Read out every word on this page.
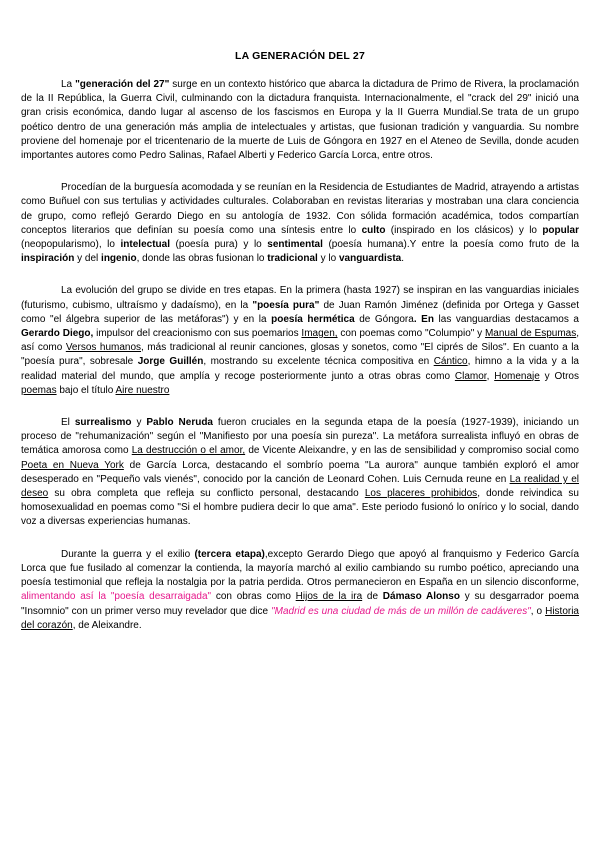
LA GENERACIÓN DEL 27

La "generación del 27" surge en un contexto histórico que abarca la dictadura de Primo de Rivera, la proclamación de la II República, la Guerra Civil, culminando con la dictadura franquista. Internacionalmente, el "crack del 29" inició una gran crisis económica, dando lugar al ascenso de los fascismos en Europa y la II Guerra Mundial.Se trata de un grupo poético dentro de una generación más amplia de intelectuales y artistas, que fusionan tradición y vanguardia. Su nombre proviene del homenaje por el tricentenario de la muerte de Luis de Góngora en 1927 en el Ateneo de Sevilla, donde acuden importantes autores como Pedro Salinas, Rafael Alberti y Federico García Lorca, entre otros.

Procedían de la burguesía acomodada y se reunían en la Residencia de Estudiantes de Madrid, atrayendo a artistas como Buñuel con sus tertulias y actividades culturales. Colaboraban en revistas literarias y mostraban una clara conciencia de grupo, como reflejó Gerardo Diego en su antología de 1932. Con sólida formación académica, todos compartían conceptos literarios que definían su poesía como una síntesis entre lo culto (inspirado en los clásicos) y lo popular (neopopularismo), lo intelectual (poesía pura) y lo sentimental (poesía humana).Y entre la poesía como fruto de la inspiración y del ingenio, donde las obras fusionan lo tradicional y lo vanguardista.

La evolución del grupo se divide en tres etapas. En la primera (hasta 1927) se inspiran en las vanguardias iniciales (futurismo, cubismo, ultraísmo y dadaísmo), en la "poesía pura" de Juan Ramón Jiménez (definida por Ortega y Gasset como "el álgebra superior de las metáforas") y en la poesía hermética de Góngora. En las vanguardias destacamos a Gerardo Diego, impulsor del creacionismo con sus poemarios Imagen, con poemas como "Columpio" y Manual de Espumas, así como Versos humanos, más tradicional al reunir canciones, glosas y sonetos, como "El ciprés de Silos". En cuanto a la "poesía pura", sobresale Jorge Guillén, mostrando su excelente técnica compositiva en Cántico, himno a la vida y a la realidad material del mundo, que amplía y recoge posteriormente junto a otras obras como Clamor, Homenaje y Otros poemas bajo el título Aire nuestro

El surrealismo y Pablo Neruda fueron cruciales en la segunda etapa de la poesía (1927-1939), iniciando un proceso de "rehumanización" según el "Manifiesto por una poesía sin pureza". La metáfora surrealista influyó en obras de temática amorosa como La destrucción o el amor, de Vicente Aleixandre, y en las de sensibilidad y compromiso social como Poeta en Nueva York de García Lorca, destacando el sombrío poema "La aurora" aunque también exploró el amor desesperado en "Pequeño vals vienés", conocido por la canción de Leonard Cohen. Luis Cernuda reune en La realidad y el deseo su obra completa que refleja su conflicto personal, destacando Los placeres prohibidos, donde reivindica su homosexualidad en poemas como "Si el hombre pudiera decir lo que ama". Este periodo fusionó lo onírico y lo social, dando voz a diversas experiencias humanas.

Durante la guerra y el exilio (tercera etapa),excepto Gerardo Diego que apoyó al franquismo y Federico García Lorca que fue fusilado al comenzar la contienda, la mayoría marchó al exilio cambiando su rumbo poético, apreciando una poesía testimonial que refleja la nostalgia por la patria perdida. Otros permanecieron en España en un silencio disconforme, alimentando así la "poesía desarraigada" con obras como Hijos de la ira de Dámaso Alonso y su desgarrador poema "Insomnio" con un primer verso muy revelador que dice "Madrid es una ciudad de más de un millón de cadáveres", o Historia del corazón, de Aleixandre.
